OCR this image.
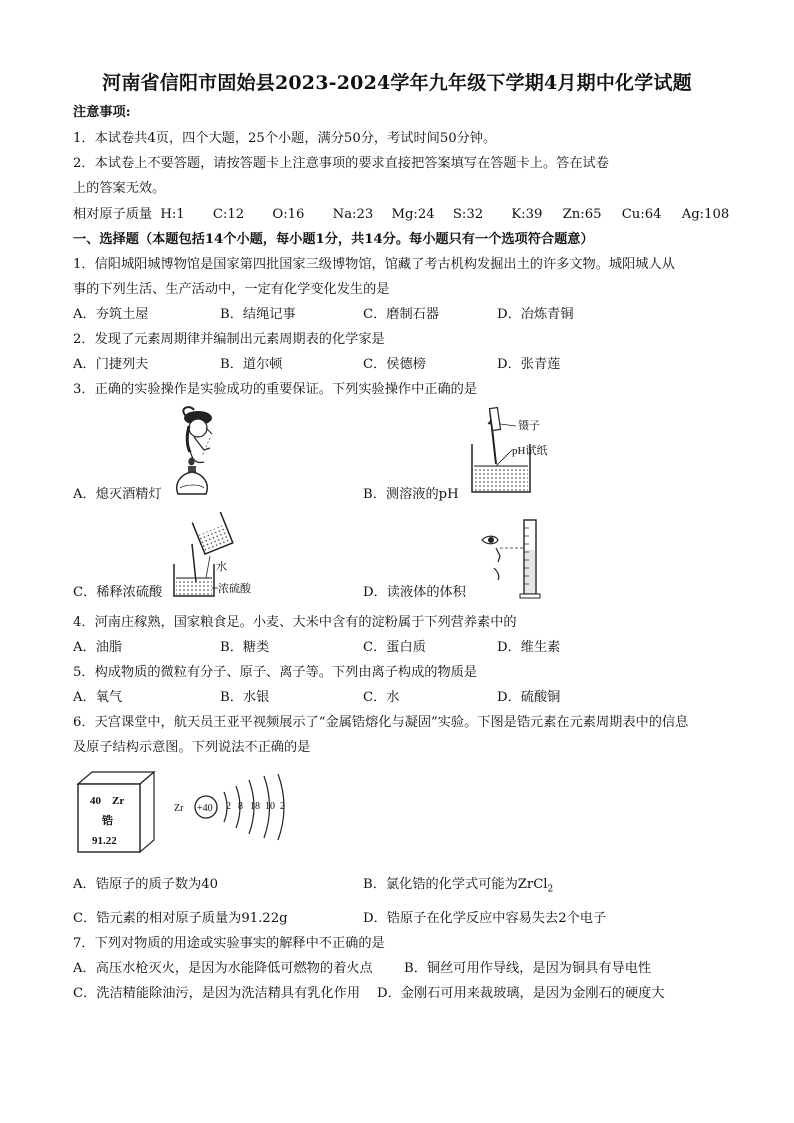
河南省信阳市固始县2023-2024学年九年级下学期4月期中化学试题
注意事项:
1．本试卷共4页，四个大题，25个小题，满分50分，考试时间50分钟。
2．本试卷上不要答题，请按答题卡上注意事项的要求直接把答案填写在答题卡上。答在试卷
上的答案无效。
相对原子质量 H:1 C:12 O:16 Na:23 Mg:24 S:32 K:39 Zn:65 Cu:64 Ag:108
一、选择题（本题包括14个小题，每小题1分，共14分。每小题只有一个选项符合题意）
1．信阳城阳城博物馆是国家第四批国家三级博物馆，馆藏了考古机构发掘出土的许多文物。城阳城人从
事的下列生活、生产活动中，一定有化学变化发生的是
A．夯筑土屋	B．结绳记事	C．磨制石器	D．冶炼青铜
2．发现了元素周期律并编制出元素周期表的化学家是
A．门捷列夫	B．道尔顿	C．侯德榜	D．张青莲
3．正确的实验操作是实验成功的重要保证。下列实验操作中正确的是
A．熄灭酒精灯
镊子
pH试纸
B．测溶液的pH
水
浓硫酸
C．稀释浓硫酸	D．读液体的体积
4．河南庄稼熟，国家粮食足。小麦、大米中含有的淀粉属于下列营养素中的
A．油脂	B．糖类	C．蛋白质	D．维生素
5．构成物质的微粒有分子、原子、离子等。下列由离子构成的物质是
A．氧气	B．水银	C．水	D．硫酸铜
6．天宫课堂中，航天员王亚平视频展示了“金属锆熔化与凝固”实验。下图是锆元素在元素周期表中的信息
及原子结构示意图。下列说法不正确的是
40 Zr
锆
91.22
Zr +40 2 8 18 10 2
A．锆原子的质子数为40	B．氯化锆的化学式可能为ZrCl$_2$
C．锆元素的相对原子质量为91.22g	D．锆原子在化学反应中容易失去2个电子
7．下列对物质的用途或实验事实的解释中不正确的是
A．高压水枪灭火，是因为水能降低可燃物的着火点 B．铜丝可用作导线，是因为铜具有导电性
C．洗洁精能除油污，是因为洗洁精具有乳化作用 D．金刚石可用来裁玻璃，是因为金刚石的硬度大
